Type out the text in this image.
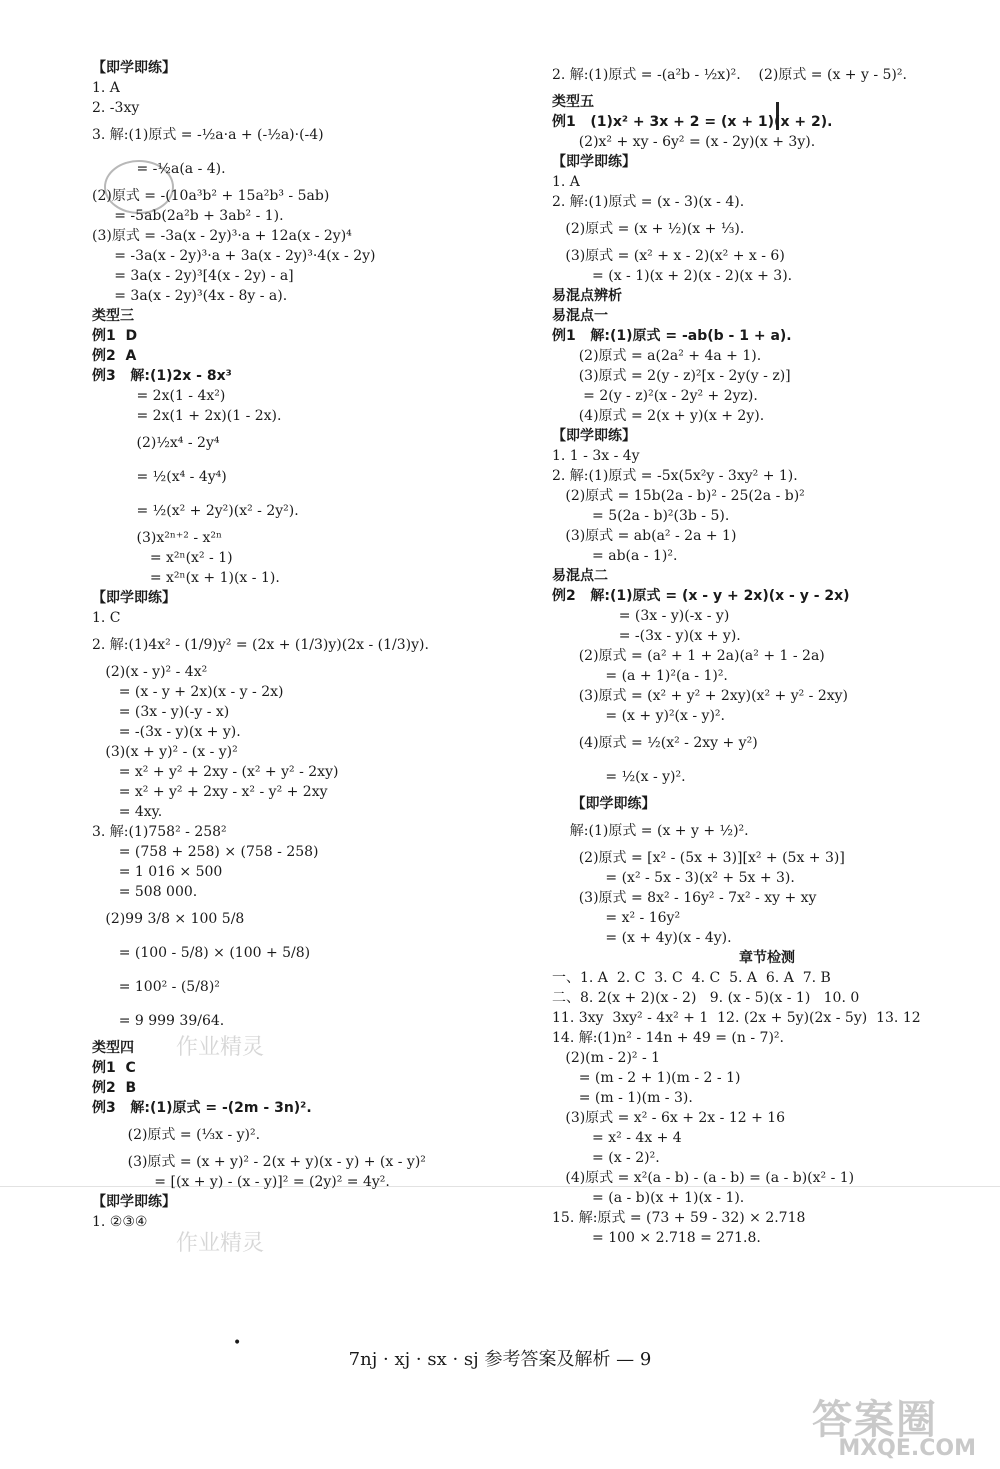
作业精灵
作业精灵
【即学即练】
1. A
2. -3xy
3. 解:(1)原式 = -½a·a + (-½a)·(-4)
= -½a(a - 4).
(2)原式 = -(10a³b² + 15a²b³ - 5ab)
= -5ab(2a²b + 3ab² - 1).
(3)原式 = -3a(x - 2y)³·a + 12a(x - 2y)⁴
= -3a(x - 2y)³·a + 3a(x - 2y)³·4(x - 2y)
= 3a(x - 2y)³[4(x - 2y) - a]
= 3a(x - 2y)³(4x - 8y - a).
类型三
例1  D
例2  A
例3   解:(1)2x - 8x³
= 2x(1 - 4x²)
= 2x(1 + 2x)(1 - 2x).
(2)½x⁴ - 2y⁴
= ½(x⁴ - 4y⁴)
= ½(x² + 2y²)(x² - 2y²).
(3)x²ⁿ⁺² - x²ⁿ
= x²ⁿ(x² - 1)
= x²ⁿ(x + 1)(x - 1).
【即学即练】
1. C
2. 解:(1)4x² - (1/9)y² = (2x + (1/3)y)(2x - (1/3)y).
(2)(x - y)² - 4x²
= (x - y + 2x)(x - y - 2x)
= (3x - y)(-y - x)
= -(3x - y)(x + y).
(3)(x + y)² - (x - y)²
= x² + y² + 2xy - (x² + y² - 2xy)
= x² + y² + 2xy - x² - y² + 2xy
= 4xy.
3. 解:(1)758² - 258²
= (758 + 258) × (758 - 258)
= 1 016 × 500
= 508 000.
(2)99 3/8 × 100 5/8
= (100 - 5/8) × (100 + 5/8)
= 100² - (5/8)²
= 9 999 39/64.
类型四
例1  C
例2  B
例3   解:(1)原式 = -(2m - 3n)².
(2)原式 = (⅓x - y)².
(3)原式 = (x + y)² - 2(x + y)(x - y) + (x - y)²
= [(x + y) - (x - y)]² = (2y)² = 4y².
【即学即练】
1. ②③④
2. 解:(1)原式 = -(a²b - ½x)².    (2)原式 = (x + y - 5)².
类型五
例1   (1)x² + 3x + 2 = (x + 1)(x + 2).
(2)x² + xy - 6y² = (x - 2y)(x + 3y).
【即学即练】
1. A
2. 解:(1)原式 = (x - 3)(x - 4).
(2)原式 = (x + ½)(x + ⅓).
(3)原式 = (x² + x - 2)(x² + x - 6)
= (x - 1)(x + 2)(x - 2)(x + 3).
易混点辨析
易混点一
例1   解:(1)原式 = -ab(b - 1 + a).
(2)原式 = a(2a² + 4a + 1).
(3)原式 = 2(y - z)²[x - 2y(y - z)]
= 2(y - z)²(x - 2y² + 2yz).
(4)原式 = 2(x + y)(x + 2y).
【即学即练】
1. 1 - 3x - 4y
2. 解:(1)原式 = -5x(5x²y - 3xy² + 1).
(2)原式 = 15b(2a - b)² - 25(2a - b)²
= 5(2a - b)²(3b - 5).
(3)原式 = ab(a² - 2a + 1)
= ab(a - 1)².
易混点二
例2   解:(1)原式 = (x - y + 2x)(x - y - 2x)
= (3x - y)(-x - y)
= -(3x - y)(x + y).
(2)原式 = (a² + 1 + 2a)(a² + 1 - 2a)
= (a + 1)²(a - 1)².
(3)原式 = (x² + y² + 2xy)(x² + y² - 2xy)
= (x + y)²(x - y)².
(4)原式 = ½(x² - 2xy + y²)
= ½(x - y)².
【即学即练】
解:(1)原式 = (x + y + ½)².
(2)原式 = [x² - (5x + 3)][x² + (5x + 3)]
= (x² - 5x - 3)(x² + 5x + 3).
(3)原式 = 8x² - 16y² - 7x² - xy + xy
= x² - 16y²
= (x + 4y)(x - 4y).
章节检测
一、1. A  2. C  3. C  4. C  5. A  6. A  7. B
二、8. 2(x + 2)(x - 2)   9. (x - 5)(x - 1)   10. 0
11. 3xy  3xy² - 4x² + 1  12. (2x + 5y)(2x - 5y)  13. 12
14. 解:(1)n² - 14n + 49 = (n - 7)².
(2)(m - 2)² - 1
= (m - 2 + 1)(m - 2 - 1)
= (m - 1)(m - 3).
(3)原式 = x² - 6x + 2x - 12 + 16
= x² - 4x + 4
= (x - 2)².
(4)原式 = x²(a - b) - (a - b) = (a - b)(x² - 1)
= (a - b)(x + 1)(x - 1).
15. 解:原式 = (73 + 59 - 32) × 2.718
= 100 × 2.718 = 271.8.
•
7nj · xj · sx · sj 参考答案及解析 — 9
答案圈
MXQE.COM
